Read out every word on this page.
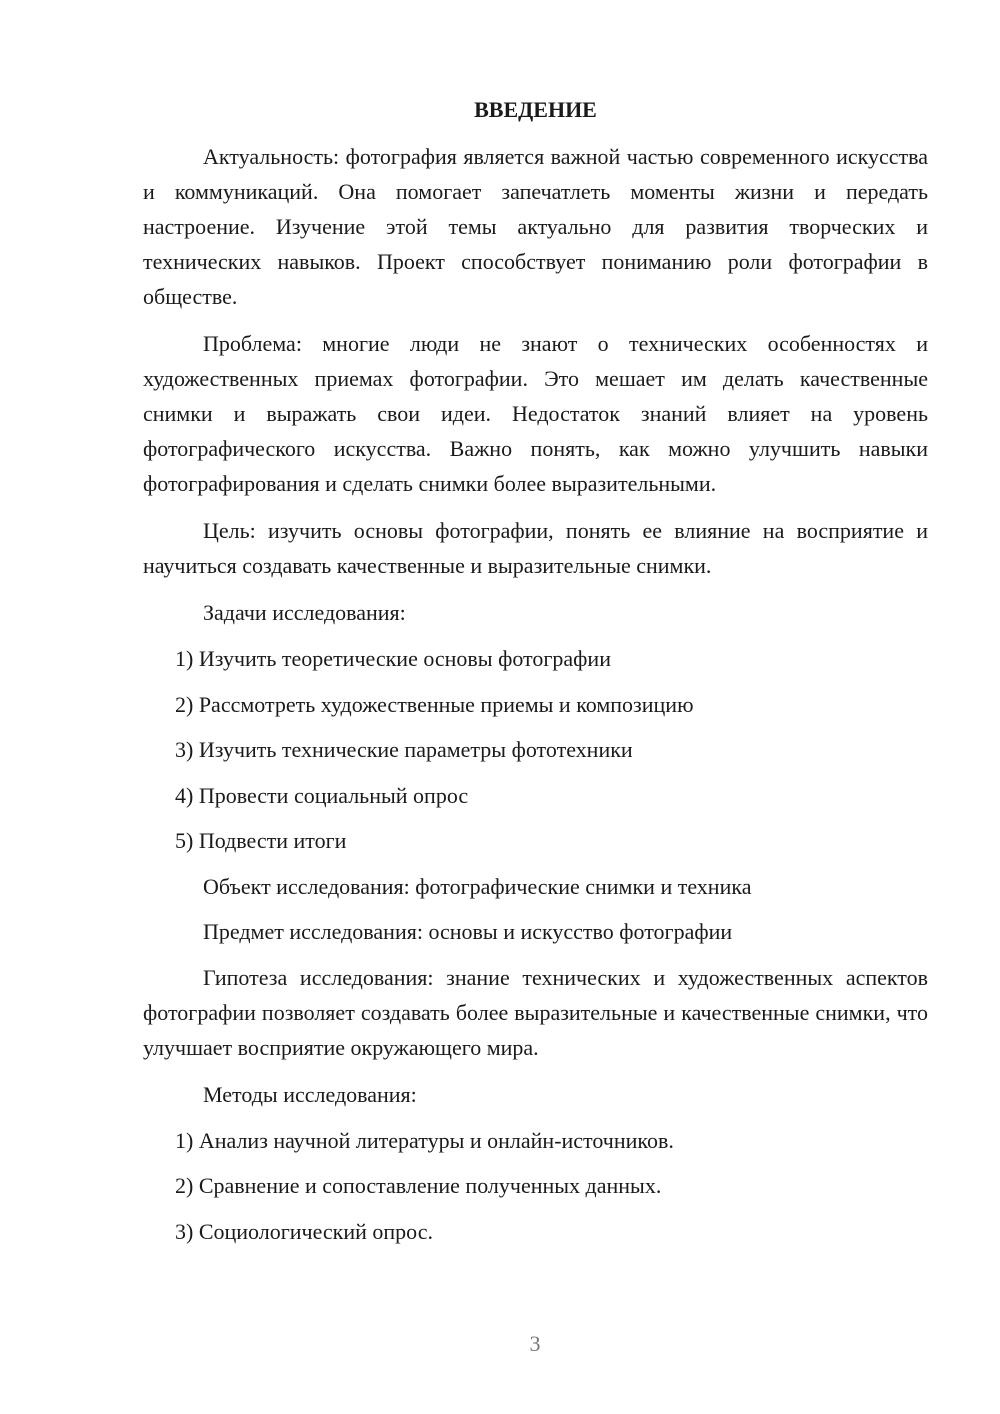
ВВЕДЕНИЕ

Актуальность: фотография является важной частью современного искусства и коммуникаций. Она помогает запечатлеть моменты жизни и передать настроение. Изучение этой темы актуально для развития творческих и технических навыков. Проект способствует пониманию роли фотографии в обществе.

Проблема: многие люди не знают о технических особенностях и художественных приемах фотографии. Это мешает им делать качественные снимки и выражать свои идеи. Недостаток знаний влияет на уровень фотографического искусства. Важно понять, как можно улучшить навыки фотографирования и сделать снимки более выразительными.

Цель: изучить основы фотографии, понять ее влияние на восприятие и научиться создавать качественные и выразительные снимки.

Задачи исследования:
1) Изучить теоретические основы фотографии
2) Рассмотреть художественные приемы и композицию
3) Изучить технические параметры фототехники
4) Провести социальный опрос
5) Подвести итоги
Объект исследования: фотографические снимки и техника
Предмет исследования: основы и искусство фотографии

Гипотеза исследования: знание технических и художественных аспектов фотографии позволяет создавать более выразительные и качественные снимки, что улучшает восприятие окружающего мира.

Методы исследования:
1) Анализ научной литературы и онлайн-источников.
2) Сравнение и сопоставление полученных данных.
3) Социологический опрос.
3
